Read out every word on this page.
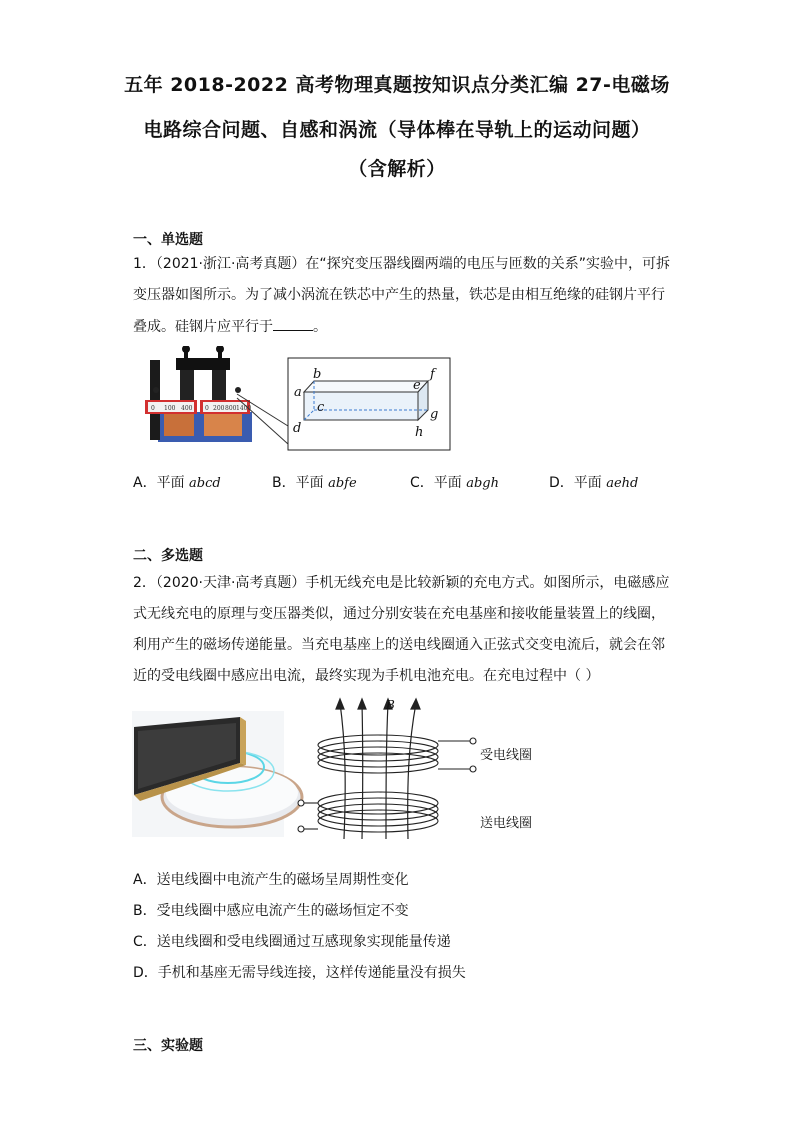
五年 2018-2022 高考物理真题按知识点分类汇编 27-电磁场
电路综合问题、自感和涡流（导体棒在导轨上的运动问题）
（含解析）
一、单选题
1．（2021·浙江·高考真题）在“探究变压器线圈两端的电压与匝数的关系”实验中，可拆
变压器如图所示。为了减小涡流在铁芯中产生的热量，铁芯是由相互绝缘的硅钢片平行
叠成。硅钢片应平行于	。
0 100 400 0 200 800 1400
a
b
c
d
e
f
g
h
A．平面 abcd	B．平面 abfe	C．平面 abgh	D．平面 aehd
二、多选题
2．（2020·天津·高考真题）手机无线充电是比较新颖的充电方式。如图所示，电磁感应
式无线充电的原理与变压器类似，通过分别安装在充电基座和接收能量装置上的线圈，
利用产生的磁场传递能量。当充电基座上的送电线圈通入正弦式交变电流后，就会在邻
近的受电线圈中感应出电流，最终实现为手机电池充电。在充电过程中（ ）
B
受电线圈
送电线圈
A．送电线圈中电流产生的磁场呈周期性变化
B．受电线圈中感应电流产生的磁场恒定不变
C．送电线圈和受电线圈通过互感现象实现能量传递
D．手机和基座无需导线连接，这样传递能量没有损失
三、实验题
